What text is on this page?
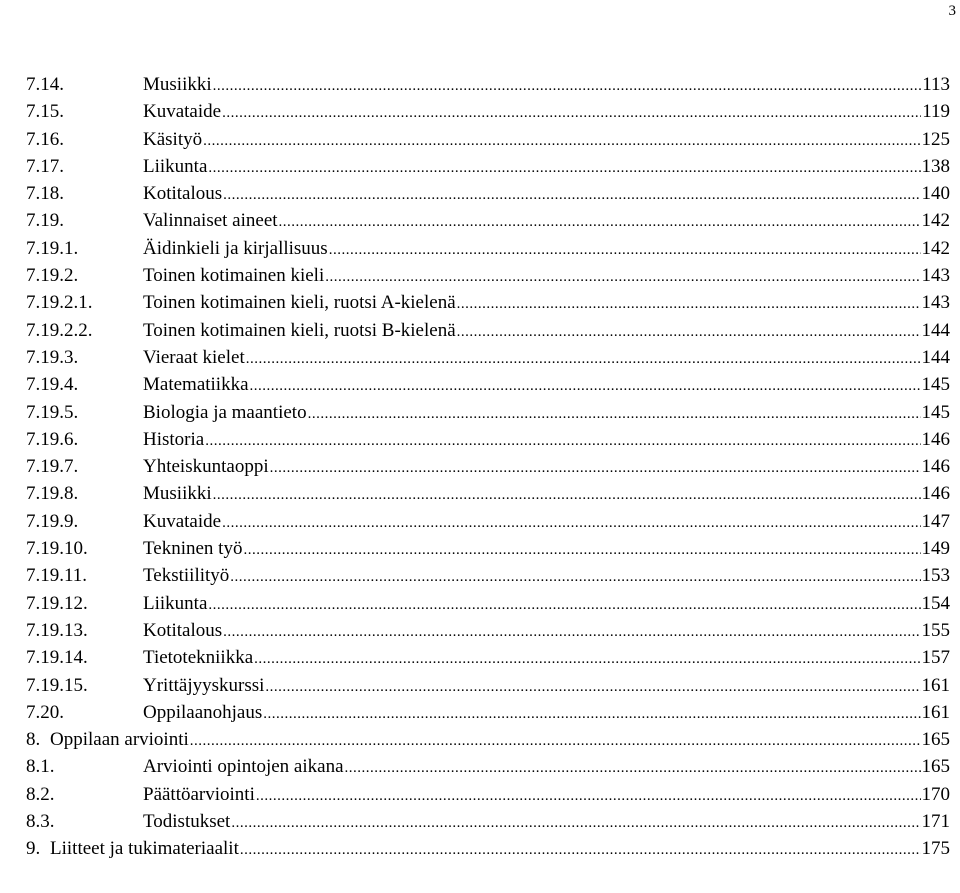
3
7.14.	Musiikki .....	113
7.15.	Kuvataide .....	119
7.16.	Käsityö .....	125
7.17.	Liikunta .....	138
7.18.	Kotitalous .....	140
7.19.	Valinnaiset aineet .....	142
7.19.1.	Äidinkieli ja kirjallisuus .....	142
7.19.2.	Toinen kotimainen kieli .....	143
7.19.2.1.	Toinen kotimainen kieli, ruotsi A-kielenä .....	143
7.19.2.2.	Toinen kotimainen kieli, ruotsi B-kielenä .....	144
7.19.3.	Vieraat kielet .....	144
7.19.4.	Matematiikka .....	145
7.19.5.	Biologia ja maantieto .....	145
7.19.6.	Historia .....	146
7.19.7.	Yhteiskuntaoppi .....	146
7.19.8.	Musiikki .....	146
7.19.9.	Kuvataide .....	147
7.19.10.	Tekninen työ .....	149
7.19.11.	Tekstiilityö .....	153
7.19.12.	Liikunta .....	154
7.19.13.	Kotitalous .....	155
7.19.14.	Tietotekniikka .....	157
7.19.15.	Yrittäjyyskurssi .....	161
7.20.	Oppilaanohjaus .....	161
8. Oppilaan arviointi .....	165
8.1.	Arviointi opintojen aikana .....	165
8.2.	Päättöarviointi .....	170
8.3.	Todistukset .....	171
9. Liitteet ja tukimateriaalit .....	175
